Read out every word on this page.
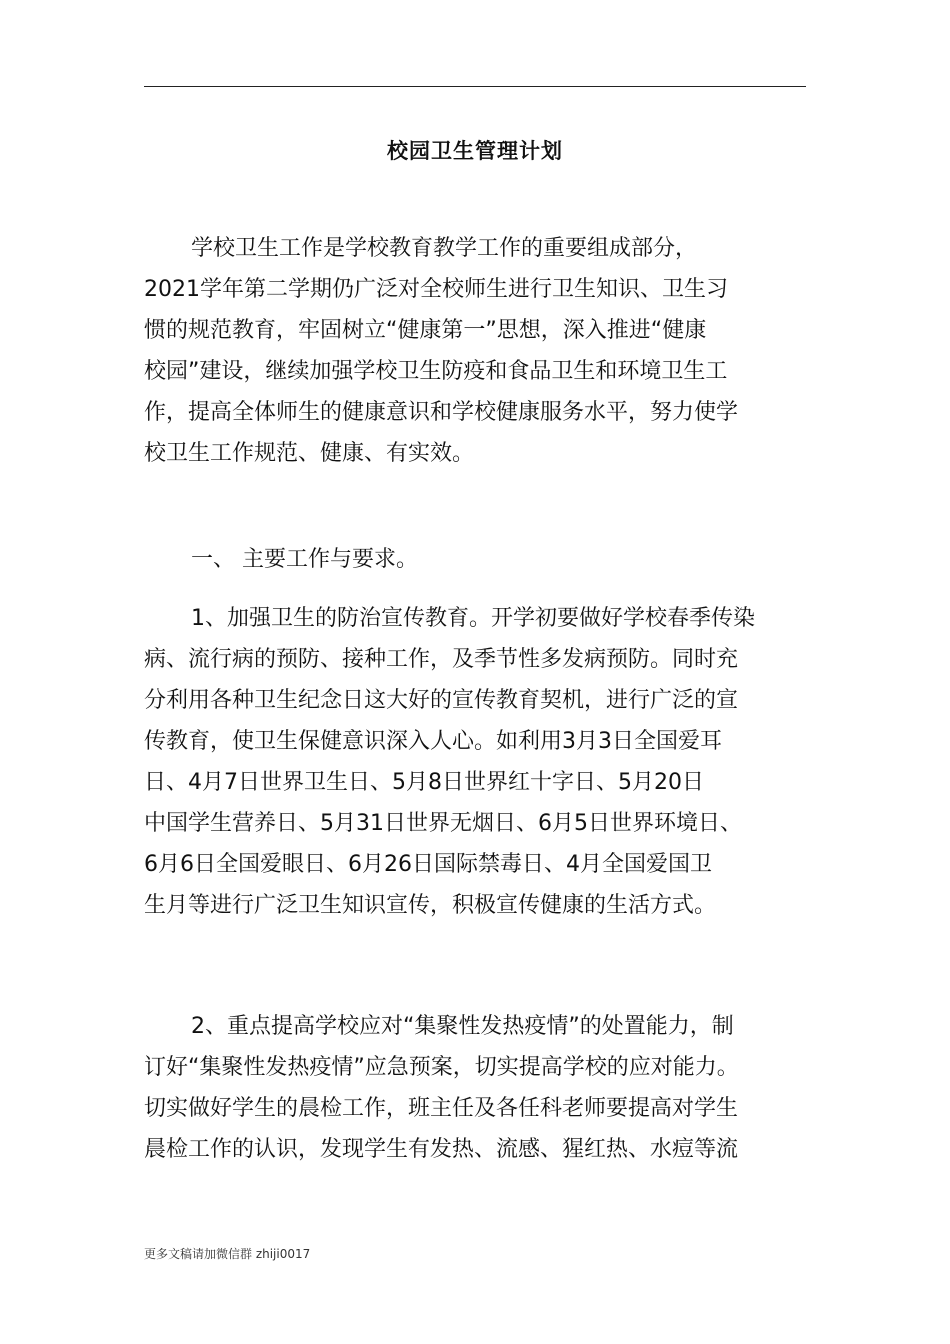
校园卫生管理计划
学校卫生工作是学校教育教学工作的重要组成部分，
2021学年第二学期仍广泛对全校师生进行卫生知识、卫生习
惯的规范教育，牢固树立“健康第一”思想，深入推进“健康
校园”建设，继续加强学校卫生防疫和食品卫生和环境卫生工
作，提高全体师生的健康意识和学校健康服务水平，努力使学
校卫生工作规范、健康、有实效。
一、 主要工作与要求。
1、加强卫生的防治宣传教育。开学初要做好学校春季传染
病、流行病的预防、接种工作，及季节性多发病预防。同时充
分利用各种卫生纪念日这大好的宣传教育契机，进行广泛的宣
传教育，使卫生保健意识深入人心。如利用3月3日全国爱耳
日、4月7日世界卫生日、5月8日世界红十字日、5月20日
中国学生营养日、5月31日世界无烟日、6月5日世界环境日、
6月6日全国爱眼日、6月26日国际禁毒日、4月全国爱国卫
生月等进行广泛卫生知识宣传，积极宣传健康的生活方式。
2、重点提高学校应对“集聚性发热疫情”的处置能力，制
订好“集聚性发热疫情”应急预案，切实提高学校的应对能力。
切实做好学生的晨检工作，班主任及各任科老师要提高对学生
晨检工作的认识，发现学生有发热、流感、猩红热、水痘等流
更多文稿请加微信群 zhiji0017
